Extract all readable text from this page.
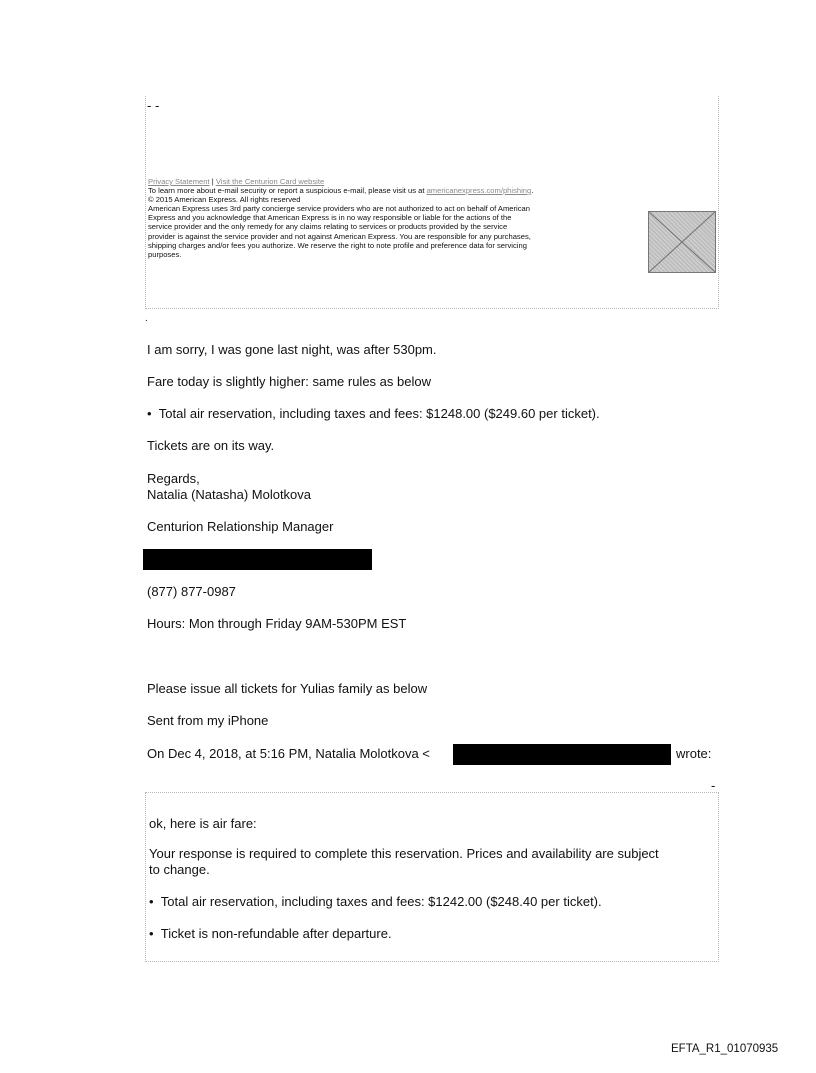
- -
Privacy Statement | Visit the Centurion Card website
To learn more about e-mail security or report a suspicious e-mail, please visit us at americanexpress.com/phishing.
© 2015 American Express. All rights reserved
American Express uses 3rd party concierge service providers who are not authorized to act on behalf of American
Express and you acknowledge that American Express is in no way responsible or liable for the actions of the
service provider and the only remedy for any claims relating to services or products provided by the service
provider is against the service provider and not against American Express. You are responsible for any purchases,
shipping charges and/or fees you authorize. We reserve the right to note profile and preference data for servicing
purposes.
.
I am sorry, I was gone last night, was after 530pm.
Fare today is slightly higher: same rules as below
• Total air reservation, including taxes and fees: $1248.00 ($249.60 per ticket).
Tickets are on its way.
Regards,
Natalia (Natasha) Molotkova
Centurion Relationship Manager
(877) 877-0987
Hours: Mon through Friday 9AM-530PM EST
Please issue all tickets for Yulias family as below
Sent from my iPhone
On Dec 4, 2018, at 5:16 PM, Natalia Molotkova <	wrote:
-
ok, here is air fare:
Your response is required to complete this reservation. Prices and availability are subject
to change.
• Total air reservation, including taxes and fees: $1242.00 ($248.40 per ticket).
• Ticket is non-refundable after departure.
EFTA_R1_01070935
